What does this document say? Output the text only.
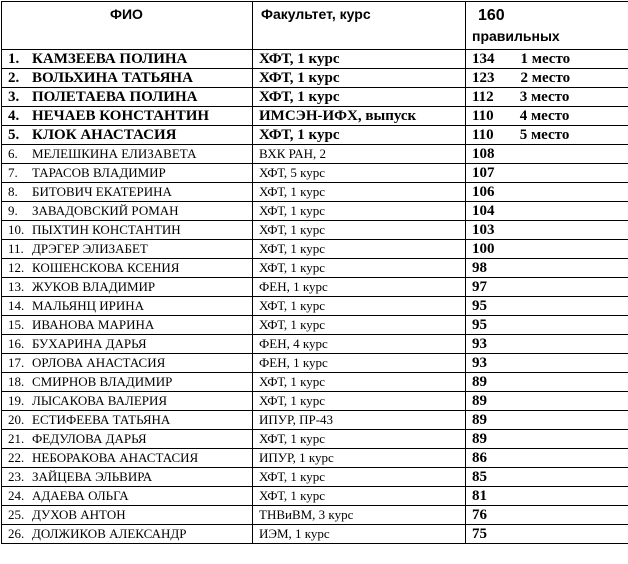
ФИО	Факультет, курс	160
правильных
1. КАМЗЕЕВА ПОЛИНА	ХФТ, 1 курс	134 1 место
2. ВОЛЬХИНА ТАТЬЯНА	ХФТ, 1 курс	123 2 место
3. ПОЛЕТАЕВА ПОЛИНА	ХФТ, 1 курс	112 3 место
4. НЕЧАЕВ КОНСТАНТИН	ИМСЭН-ИФХ, выпуск	110 4 место
5. КЛОК АНАСТАСИЯ	ХФТ, 1 курс	110 5 место
6. МЕЛЕШКИНА ЕЛИЗАВЕТА	ВХК РАН, 2	108
7. ТАРАСОВ ВЛАДИМИР	ХФТ, 5 курс	107
8. БИТОВИЧ ЕКАТЕРИНА	ХФТ, 1 курс	106
9. ЗАВАДОВСКИЙ РОМАН	ХФТ, 1 курс	104
10. ПЫХТИН КОНСТАНТИН	ХФТ, 1 курс	103
11. ДРЭГЕР ЭЛИЗАБЕТ	ХФТ, 1 курс	100
12. КОШЕНСКОВА КСЕНИЯ	ХФТ, 1 курс	98
13. ЖУКОВ ВЛАДИМИР	ФЕН, 1 курс	97
14. МАЛЬЯНЦ ИРИНА	ХФТ, 1 курс	95
15. ИВАНОВА МАРИНА	ХФТ, 1 курс	95
16. БУХАРИНА ДАРЬЯ	ФЕН, 4 курс	93
17. ОРЛОВА АНАСТАСИЯ	ФЕН, 1 курс	93
18. СМИРНОВ ВЛАДИМИР	ХФТ, 1 курс	89
19. ЛЫСАКОВА ВАЛЕРИЯ	ХФТ, 1 курс	89
20. ЕСТИФЕЕВА ТАТЬЯНА	ИПУР, ПР-43	89
21. ФЕДУЛОВА ДАРЬЯ	ХФТ, 1 курс	89
22. НЕБОРАКОВА АНАСТАСИЯ	ИПУР, 1 курс	86
23. ЗАЙЦЕВА ЭЛЬВИРА	ХФТ, 1 курс	85
24. АДАЕВА ОЛЬГА	ХФТ, 1 курс	81
25. ДУХОВ АНТОН	ТНВиВМ, 3 курс	76
26. ДОЛЖИКОВ АЛЕКСАНДР	ИЭМ, 1 курс	75
